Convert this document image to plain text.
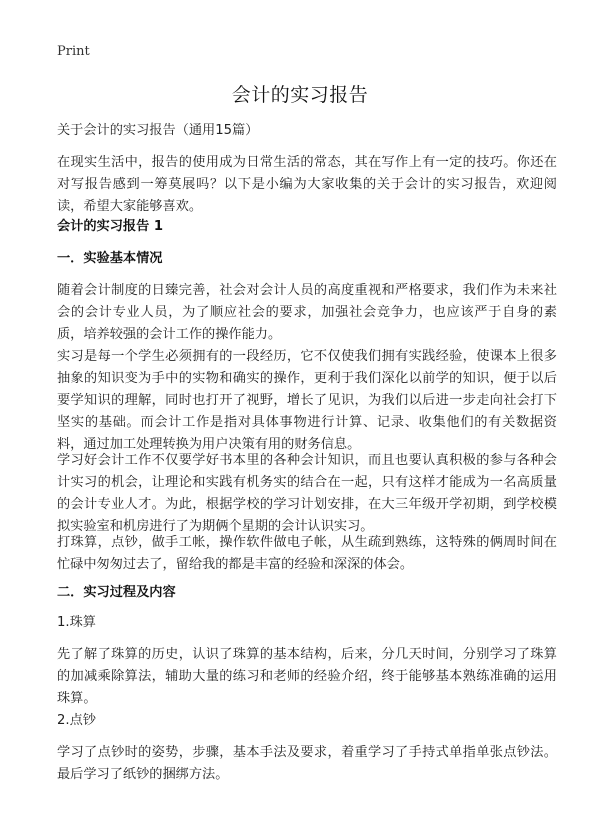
Print
会计的实习报告
关于会计的实习报告（通用15篇）
在现实生活中，报告的使用成为日常生活的常态，其在写作上有一定的技巧。你还在对写报告感到一筹莫展吗？以下是小编为大家收集的关于会计的实习报告，欢迎阅读，希望大家能够喜欢。
会计的实习报告 1
一．实验基本情况
随着会计制度的日臻完善，社会对会计人员的高度重视和严格要求，我们作为未来社会的会计专业人员，为了顺应社会的要求，加强社会竞争力，也应该严于自身的素质，培养较强的会计工作的操作能力。
实习是每一个学生必须拥有的一段经历，它不仅使我们拥有实践经验，使课本上很多抽象的知识变为手中的实物和确实的操作，更利于我们深化以前学的知识，便于以后要学知识的理解，同时也打开了视野，增长了见识，为我们以后进一步走向社会打下坚实的基础。而会计工作是指对具体事物进行计算、记录、收集他们的有关数据资料，通过加工处理转换为用户决策有用的财务信息。
学习好会计工作不仅要学好书本里的各种会计知识，而且也要认真积极的参与各种会计实习的机会，让理论和实践有机务实的结合在一起，只有这样才能成为一名高质量的会计专业人才。为此，根据学校的学习计划安排，在大三年级开学初期，到学校模拟实验室和机房进行了为期俩个星期的会计认识实习。
打珠算，点钞，做手工帐，操作软件做电子帐，从生疏到熟练，这特殊的俩周时间在忙碌中匆匆过去了，留给我的都是丰富的经验和深深的体会。
二．实习过程及内容
1.珠算
先了解了珠算的历史，认识了珠算的基本结构，后来，分几天时间，分别学习了珠算的加减乘除算法，辅助大量的练习和老师的经验介绍，终于能够基本熟练准确的运用珠算。
2.点钞
学习了点钞时的姿势，步骤，基本手法及要求，着重学习了手持式单指单张点钞法。最后学习了纸钞的捆绑方法。
